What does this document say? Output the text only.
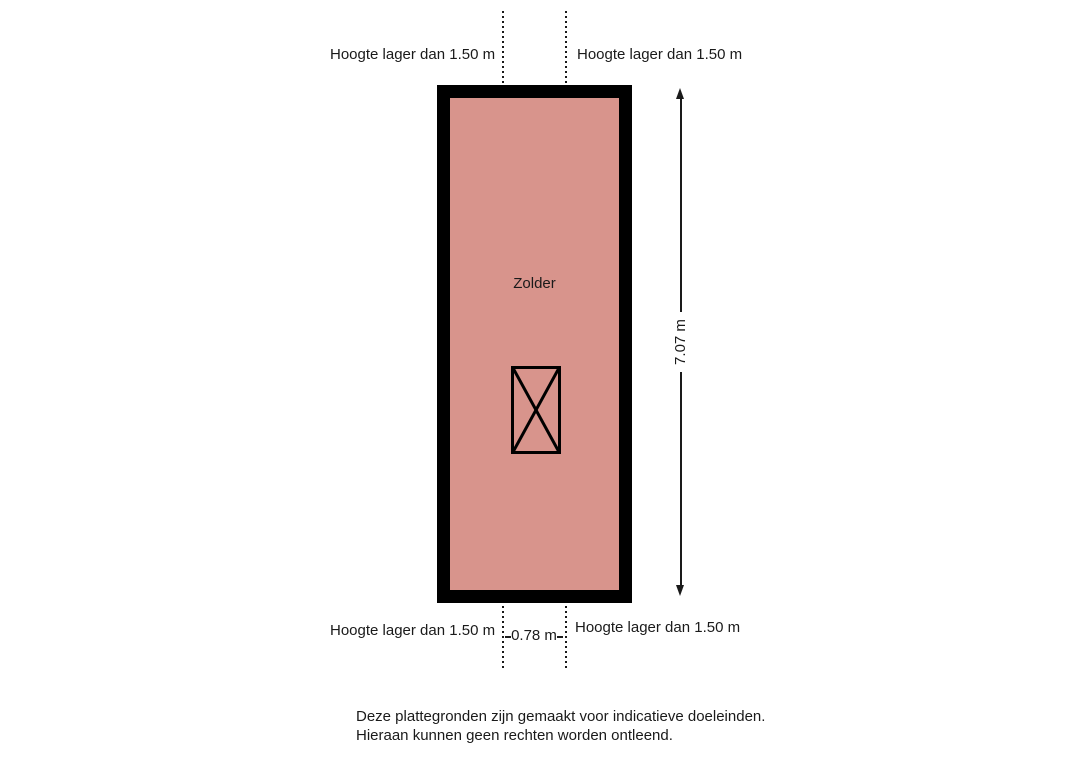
Hoogte lager dan 1.50 m	Hoogte lager dan 1.50 m
Zolder
7.07 m
Hoogte lager dan 1.50 m	0.78 m	Hoogte lager dan 1.50 m
Deze plattegronden zijn gemaakt voor indicatieve doeleinden.
Hieraan kunnen geen rechten worden ontleend.
